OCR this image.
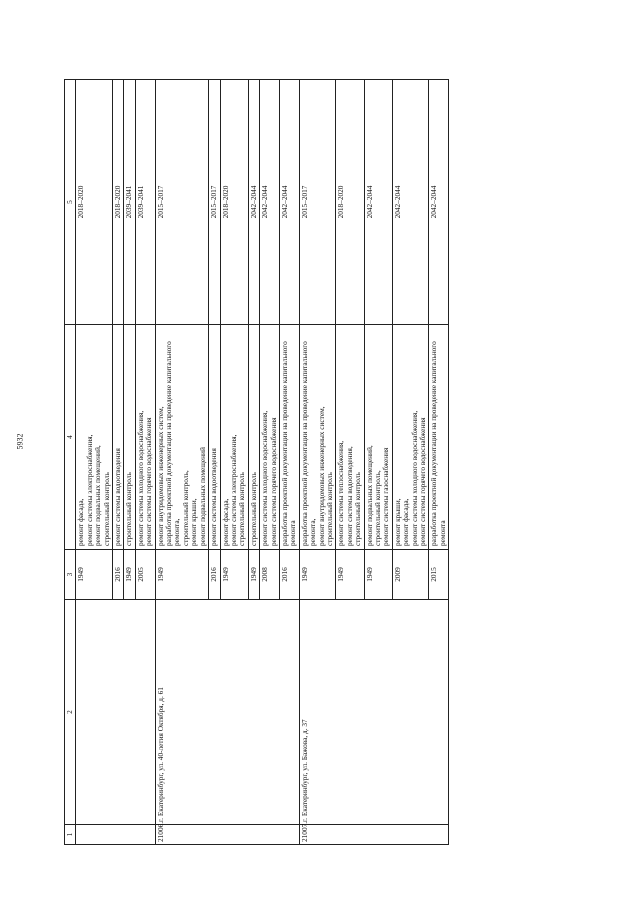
5932
1	2	3	4	5
		1949	ремонт фасада, ремонт системы электроснабжения, ремонт подвальных помещений, строительный контроль	2018–2020
		2016	ремонт системы водоотведения	2018–2020
		1949	строительный контроль	2039–2041
		2005	ремонт системы холодного водоснабжения, ремонт системы горячего водоснабжения	2039–2041
21006.	г. Екатеринбург, ул. 40-летия Октября, д. 61	1949	ремонт внутридомовых инженерных систем, разработка проектной документации на проведение капитального ремонта, строительный контроль, ремонт крыши, ремонт подвальных помещений	2015–2017
		2016	ремонт системы водоотведения	2015–2017
		1949	ремонт фасада, ремонт системы электроснабжения, строительный контроль	2018–2020
		1949	строительный контроль	2042–2044
		2008	ремонт системы холодного водоснабжения, ремонт системы горячего водоснабжения	2042–2044
		2016	разработка проектной документации на проведение капитального ремонта	2042–2044
21007.	г. Екатеринбург, ул. Бажова, д. 37	1949	разработка проектной документации на проведение капитального ремонта, ремонт внутридомовых инженерных систем, строительный контроль	2015–2017
		1949	ремонт системы теплоснабжения, ремонт системы водоотведения, строительный контроль	2018–2020
		1949	ремонт подвальных помещений, строительный контроль, ремонт системы газоснабжения	2042–2044
		2009	ремонт крыши, ремонт фасада, ремонт системы холодного водоснабжения, ремонт системы горячего водоснабжения	2042–2044
		2015	разработка проектной документации на проведение капитального ремонта	2042–2044
